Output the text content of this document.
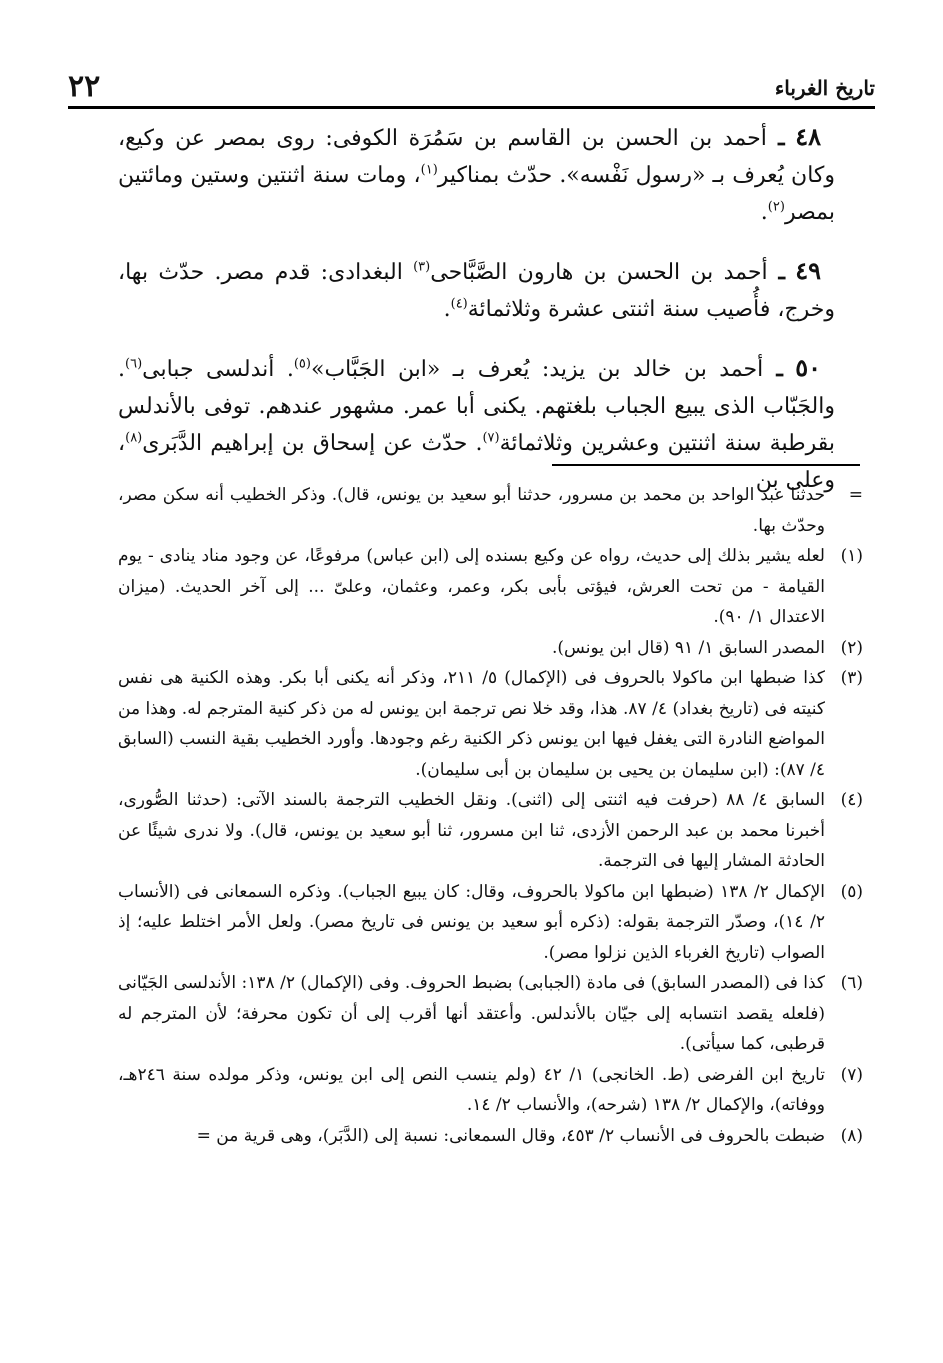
تاريخ الغرباء
٢٢

٤٨ ـ أحمد بن الحسن بن القاسم بن سَمُرَة الكوفى: روى بمصر عن وكيع، وكان يُعرف بـ «رسول نَفْسه». حدّث بمناكير$^{(١)}$، ومات سنة اثنتين وستين ومائتين بمصر$^{(٢)}$.

٤٩ ـ أحمد بن الحسن بن هارون الصَّبَّاحى$^{(٣)}$ البغدادى: قدم مصر. حدّث بها، وخرج، فأُصيب سنة اثنتى عشرة وثلاثمائة$^{(٤)}$.

٥٠ ـ أحمد بن خالد بن يزيد: يُعرف بـ «ابن الجَبَّاب»$^{(٥)}$. أندلسى جبابى$^{(٦)}$. والجَبّاب الذى يبيع الجباب بلغتهم. يكنى أبا عمر. مشهور عندهم. توفى بالأندلس بقرطبة سنة اثنتين وعشرين وثلاثمائة$^{(٧)}$. حدّث عن إسحاق بن إبراهيم الدَّبَرى$^{(٨)}$، وعلى بن

=حدثنا عبد الواحد بن محمد بن مسرور، حدثنا أبو سعيد بن يونس، قال). وذكر الخطيب أنه سكن مصر، وحدّث بها.

(١)لعله يشير بذلك إلى حديث، رواه عن وكيع بسنده إلى (ابن عباس) مرفوعًا، عن وجود مناد ينادى - يوم القيامة - من تحت العرش، فيؤتى بأبى بكر، وعمر، وعثمان، وعلىّ ... إلى آخر الحديث. (ميزان الاعتدال ١/ ٩٠).

(٢)المصدر السابق ١/ ٩١ (قال ابن يونس).

(٣)كذا ضبطها ابن ماكولا بالحروف فى (الإكمال) ٥/ ٢١١، وذكر أنه يكنى أبا بكر. وهذه الكنية هى نفس كنيته فى (تاريخ بغداد) ٤/ ٨٧. هذا، وقد خلا نص ترجمة ابن يونس له من ذكر كنية المترجم له. وهذا من المواضع النادرة التى يغفل فيها ابن يونس ذكر الكنية رغم وجودها. وأورد الخطيب بقية النسب (السابق ٤/ ٨٧): (ابن سليمان بن يحيى بن سليمان بن أبى سليمان).

(٤)السابق ٤/ ٨٨ (حرفت فيه اثنتى إلى (اثنى). ونقل الخطيب الترجمة بالسند الآتى: (حدثنا الصُّورى، أخبرنا محمد بن عبد الرحمن الأزدى، ثنا ابن مسرور، ثنا أبو سعيد بن يونس، قال). ولا ندرى شيئًا عن الحادثة المشار إليها فى الترجمة.

(٥)الإكمال ٢/ ١٣٨ (ضبطها ابن ماكولا بالحروف، وقال: كان يبيع الجباب). وذكره السمعانى فى (الأنساب ٢/ ١٤)، وصدّر الترجمة بقوله: (ذكره أبو سعيد بن يونس فى تاريخ مصر). ولعل الأمر اختلط عليه؛ إذ الصواب (تاريخ الغرباء الذين نزلوا مصر).

(٦)كذا فى (المصدر السابق) فى مادة (الجبابى) بضبط الحروف. وفى (الإكمال) ٢/ ١٣٨: الأندلسى الجَيّانى (فلعله يقصد انتسابه إلى جيّان بالأندلس. وأعتقد أنها أقرب إلى أن تكون محرفة؛ لأن المترجم له قرطبى، كما سيأتى).

(٧)تاريخ ابن الفرضى (ط. الخانجى) ١/ ٤٢ (ولم ينسب النص إلى ابن يونس، وذكر مولده سنة ٢٤٦هـ، ووفاته)، والإكمال ٢/ ١٣٨ (شرحه)، والأنساب ٢/ ١٤.

(٨)ضبطت بالحروف فى الأنساب ٢/ ٤٥٣، وقال السمعانى: نسبة إلى (الدَّبَر)، وهى قرية من =
